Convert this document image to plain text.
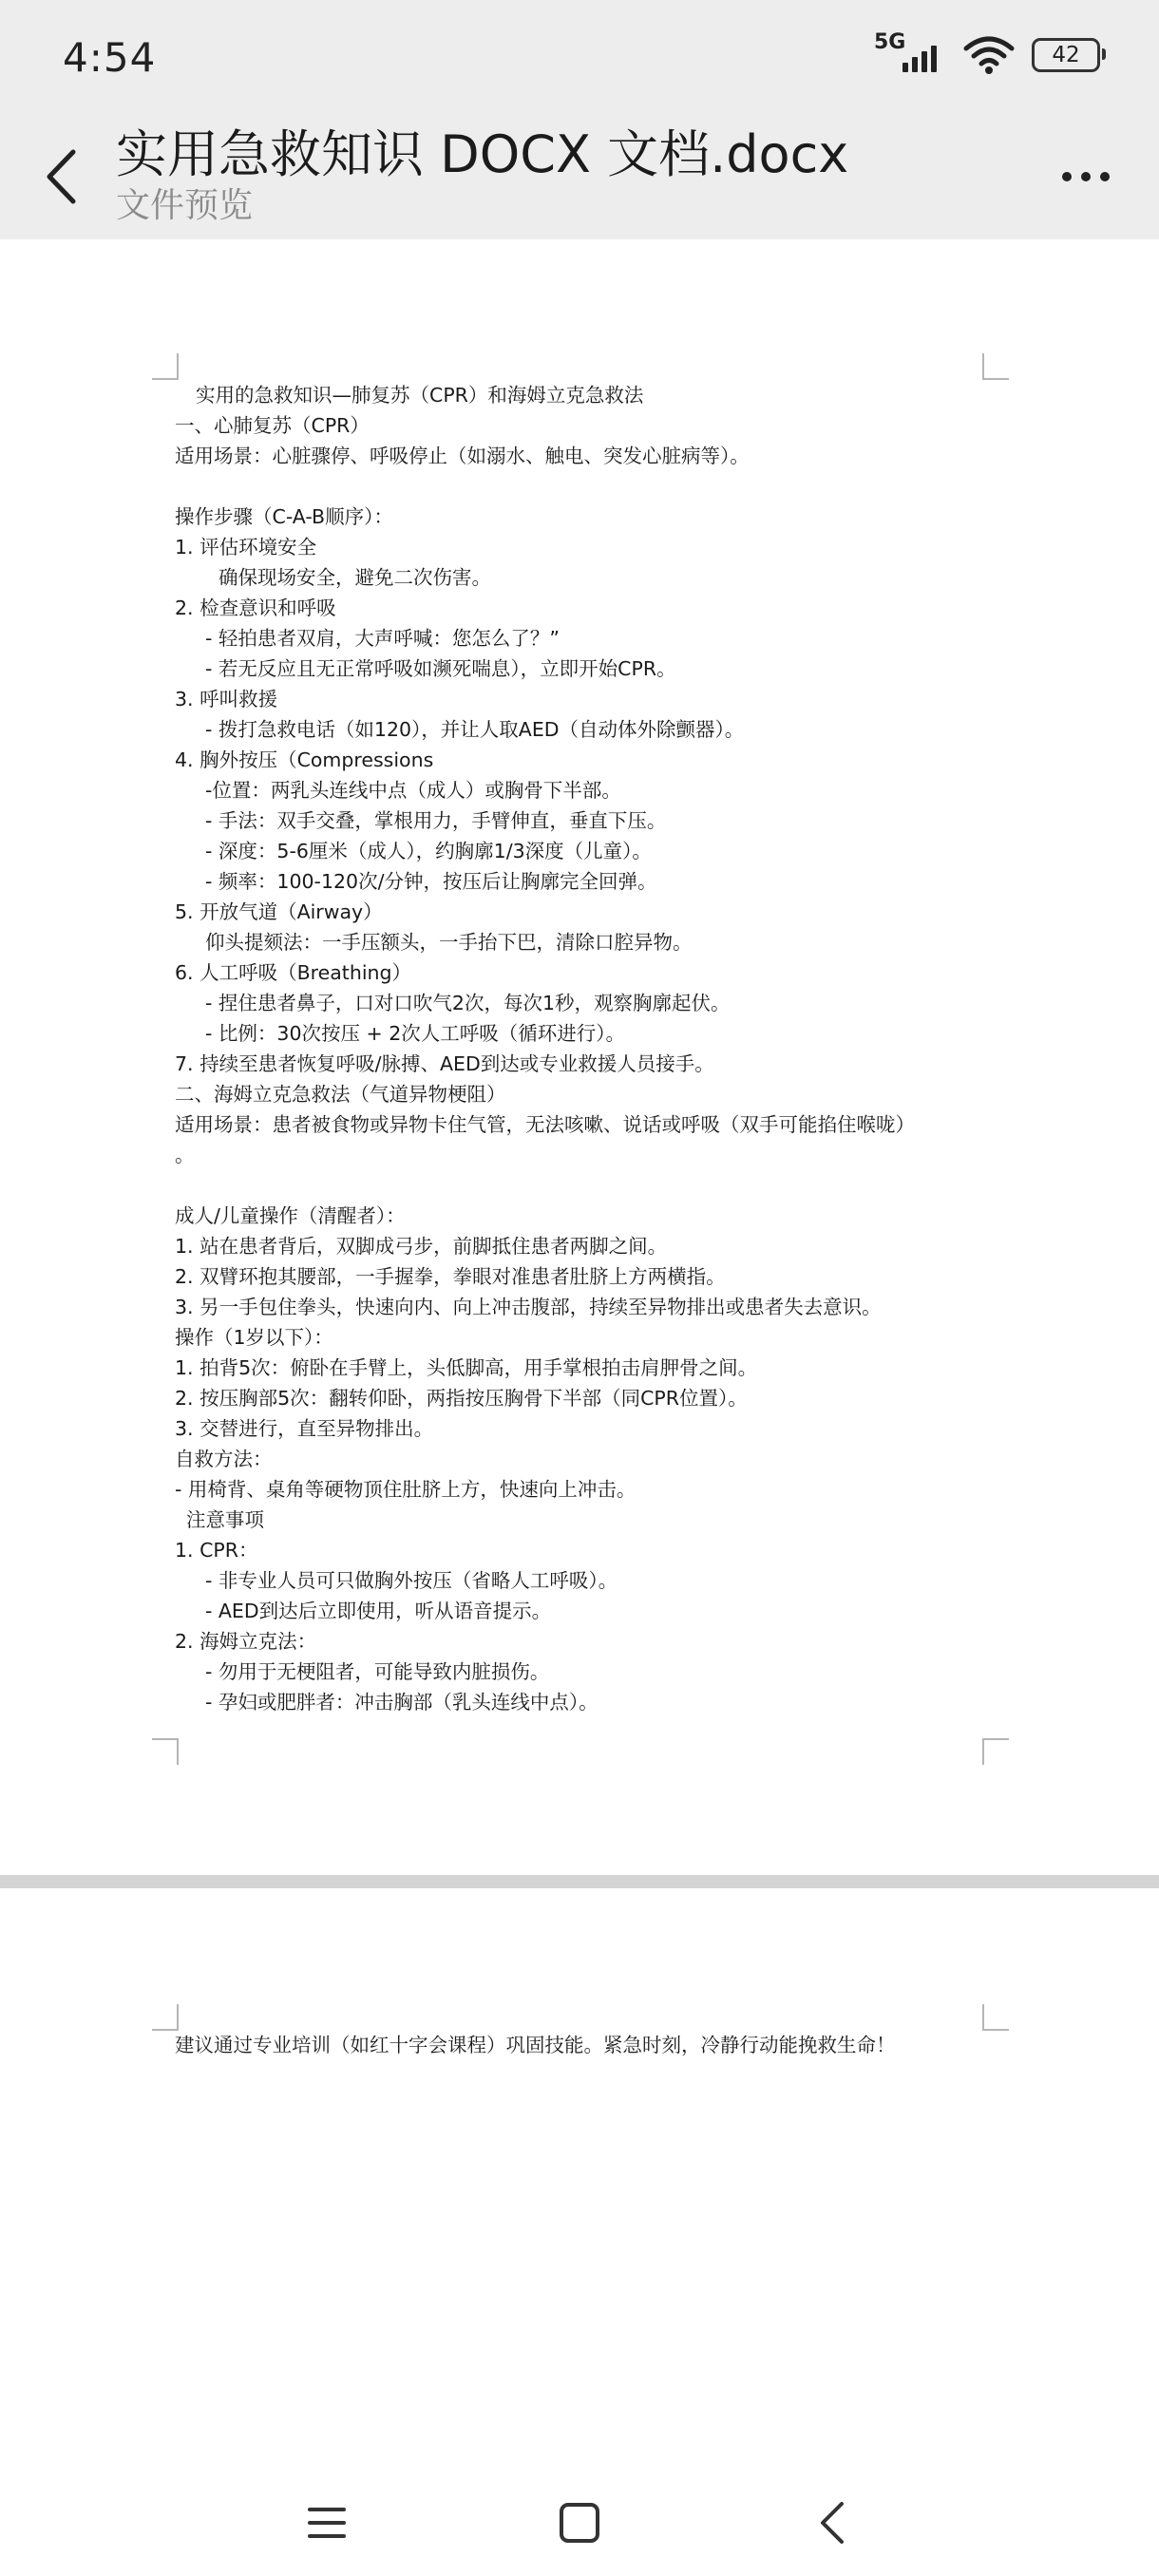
4:54	5G
42
实用急救知识 DOCX 文档.docx
文件预览
实用的急救知识—肺复苏（CPR）和海姆立克急救法
一、心肺复苏（CPR）
适用场景：心脏骤停、呼吸停止（如溺水、触电、突发心脏病等）。
操作步骤（C-A-B顺序）：
1. 评估环境安全
确保现场安全，避免二次伤害。
2. 检查意识和呼吸
- 轻拍患者双肩，大声呼喊：您怎么了？”
- 若无反应且无正常呼吸如濒死喘息），立即开始CPR。
3. 呼叫救援
- 拨打急救电话（如120），并让人取AED（自动体外除颤器）。
4. 胸外按压（Compressions
-位置：两乳头连线中点（成人）或胸骨下半部。
- 手法：双手交叠，掌根用力，手臂伸直，垂直下压。
- 深度：5-6厘米（成人），约胸廓1/3深度（儿童）。
- 频率：100-120次/分钟，按压后让胸廓完全回弹。
5. 开放气道（Airway）
仰头提颏法：一手压额头，一手抬下巴，清除口腔异物。
6. 人工呼吸（Breathing）
- 捏住患者鼻子，口对口吹气2次，每次1秒，观察胸廓起伏。
- 比例：30次按压 + 2次人工呼吸（循环进行）。
7. 持续至患者恢复呼吸/脉搏、AED到达或专业救援人员接手。
二、海姆立克急救法（气道异物梗阻）
适用场景：患者被食物或异物卡住气管，无法咳嗽、说话或呼吸（双手可能掐住喉咙）
。
成人/儿童操作（清醒者）：
1. 站在患者背后，双脚成弓步，前脚抵住患者两脚之间。
2. 双臂环抱其腰部，一手握拳，拳眼对准患者肚脐上方两横指。
3. 另一手包住拳头，快速向内、向上冲击腹部，持续至异物排出或患者失去意识。
操作（1岁以下）：
1. 拍背5次：俯卧在手臂上，头低脚高，用手掌根拍击肩胛骨之间。
2. 按压胸部5次：翻转仰卧，两指按压胸骨下半部（同CPR位置）。
3. 交替进行，直至异物排出。
自救方法：
- 用椅背、桌角等硬物顶住肚脐上方，快速向上冲击。
注意事项
1. CPR：
- 非专业人员可只做胸外按压（省略人工呼吸）。
- AED到达后立即使用，听从语音提示。
2. 海姆立克法：
- 勿用于无梗阻者，可能导致内脏损伤。
- 孕妇或肥胖者：冲击胸部（乳头连线中点）。
建议通过专业培训（如红十字会课程）巩固技能。紧急时刻，冷静行动能挽救生命！
